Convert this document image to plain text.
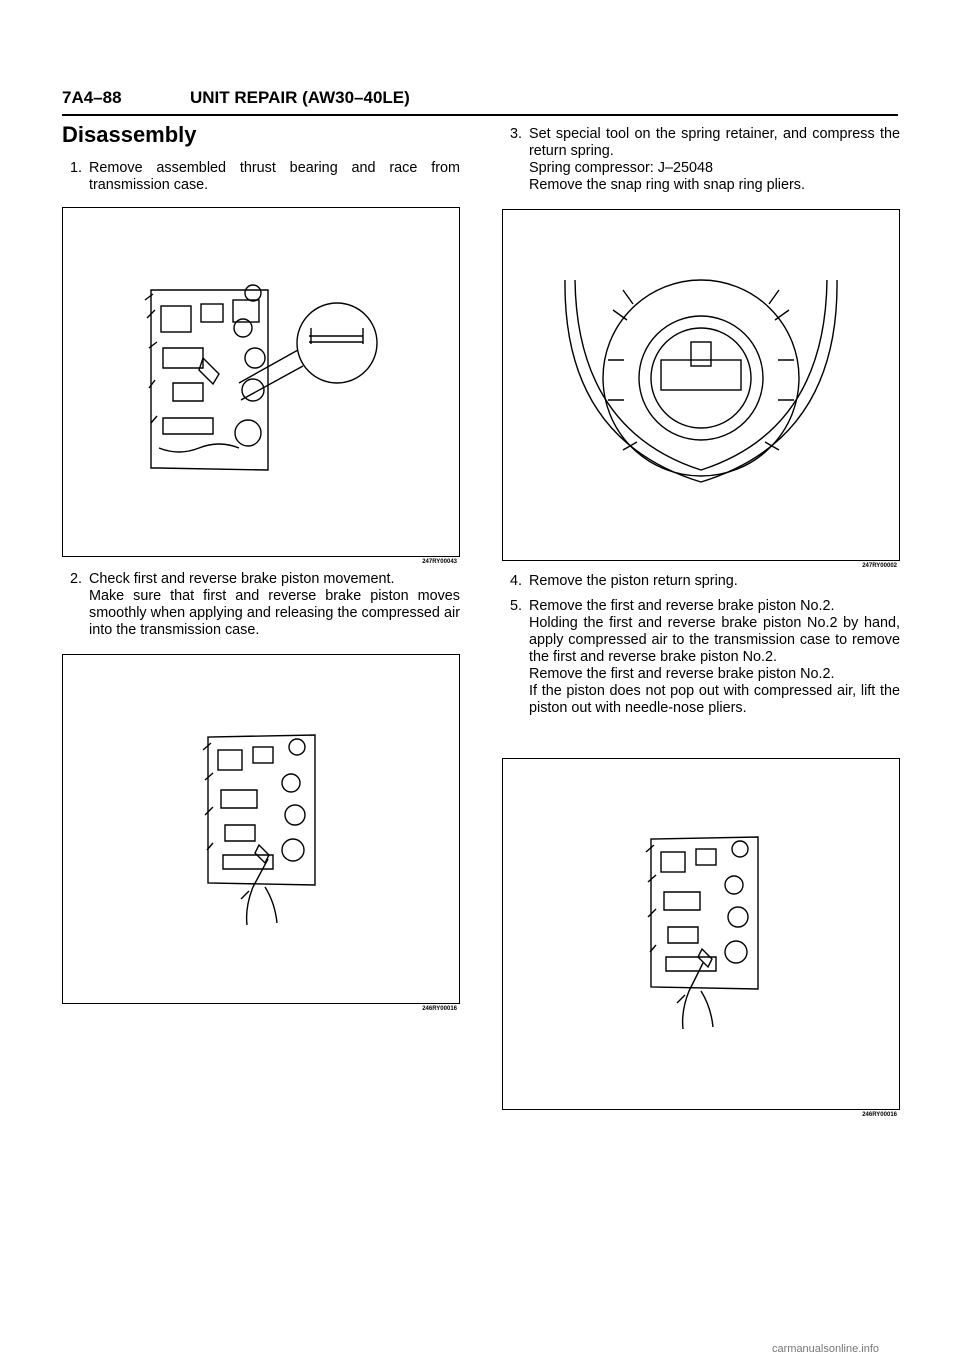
7A4–88	UNIT REPAIR (AW30–40LE)
Disassembly
1. Remove assembled thrust bearing and race from transmission case.

247RY00043
2. Check first and reverse brake piston movement.

Make sure that first and reverse brake piston moves smoothly when applying and releasing the compressed air into the transmission case.

246RY00016
3. Set special tool on the spring retainer, and compress the return spring.

Spring compressor: J–25048

Remove the snap ring with snap ring pliers.

247RY00002
4. Remove the piston return spring.

5. Remove the first and reverse brake piston No.2.

Holding the first and reverse brake piston No.2 by hand, apply compressed air to the transmission case to remove the first and reverse brake piston No.2.

Remove the first and reverse brake piston No.2.

If the piston does not pop out with compressed air, lift the piston out with needle-nose pliers.

246RY00016
carmanualsonline.info
